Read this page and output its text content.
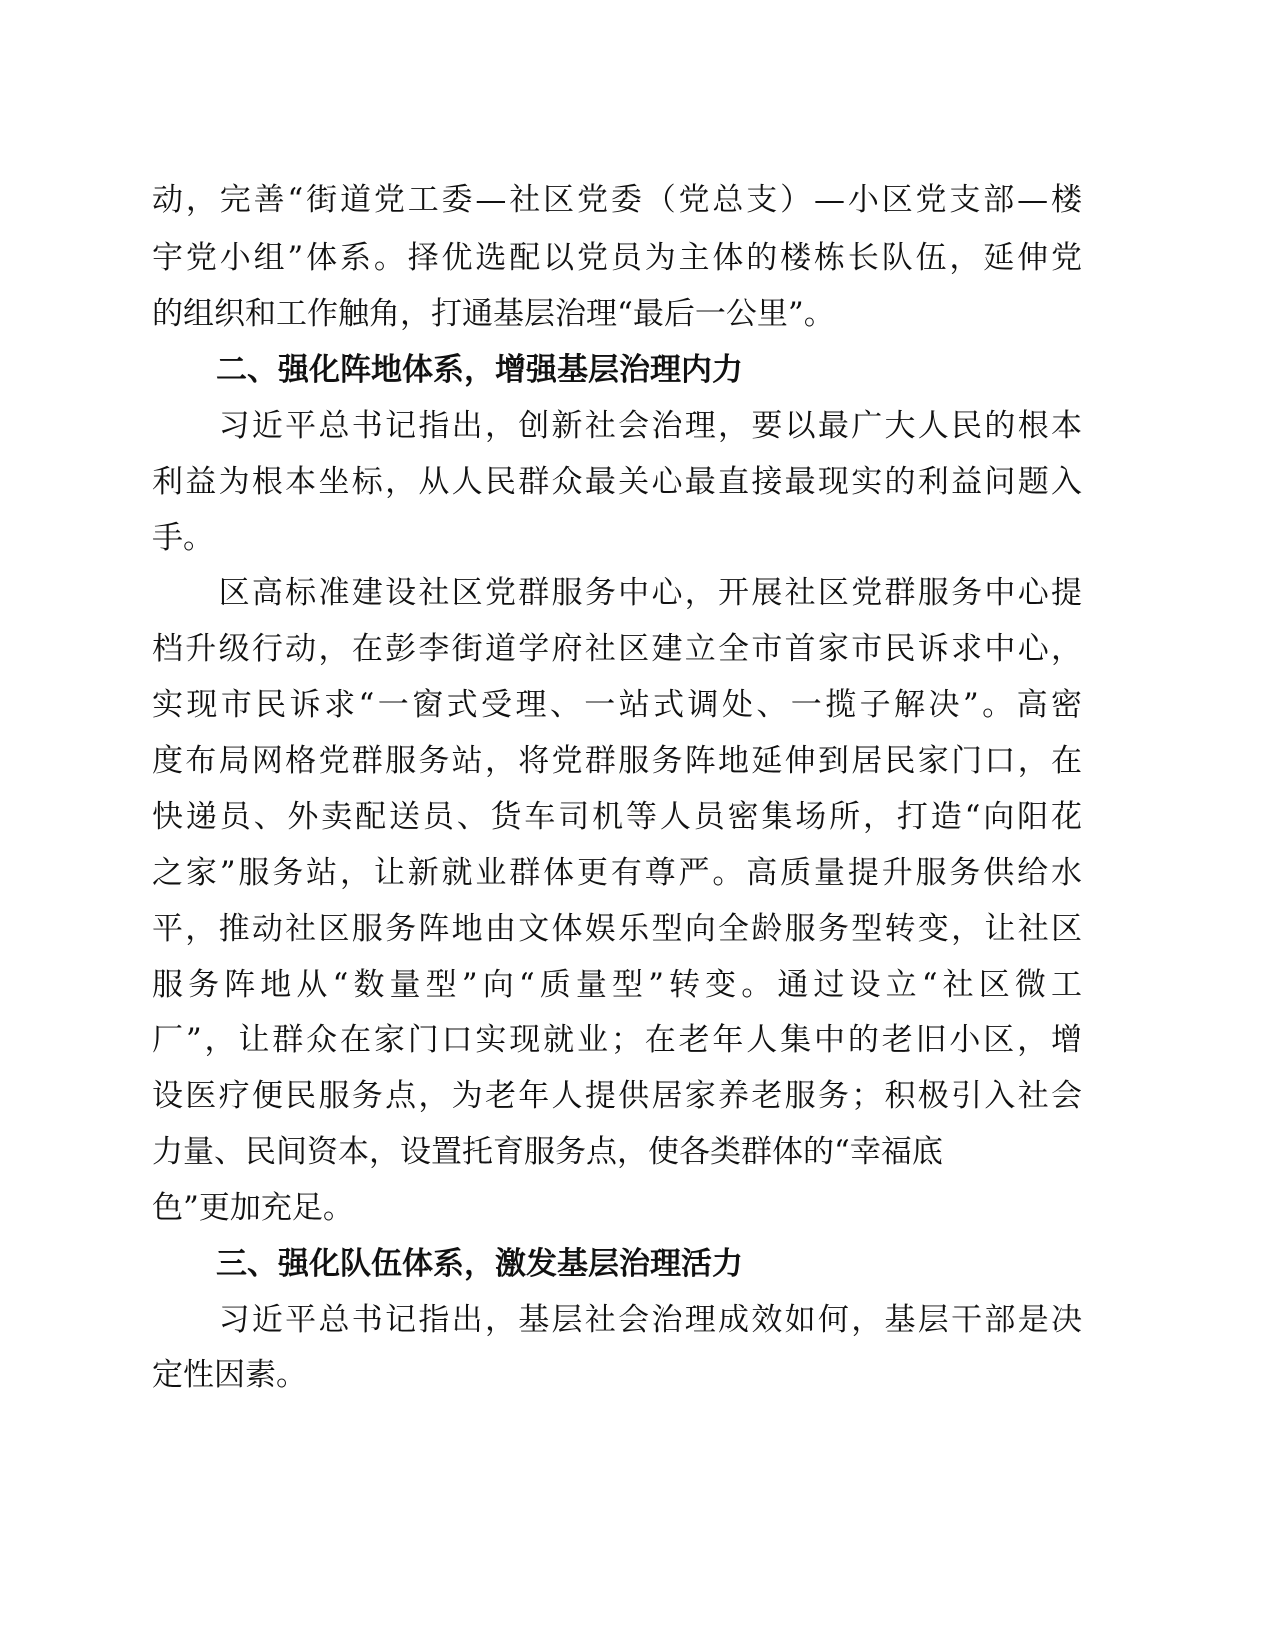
动，完善“街道党工委—社区党委（党总支）—小区党支部—楼

宇党小组”体系。择优选配以党员为主体的楼栋长队伍，延伸党

的组织和工作触角，打通基层治理“最后一公里”。

二、强化阵地体系，增强基层治理内力

　　习近平总书记指出，创新社会治理，要以最广大人民的根本

利益为根本坐标，从人民群众最关心最直接最现实的利益问题入

手。

　　区高标准建设社区党群服务中心，开展社区党群服务中心提

档升级行动，在彭李街道学府社区建立全市首家市民诉求中心，

实现市民诉求“一窗式受理、一站式调处、一揽子解决”。高密

度布局网格党群服务站，将党群服务阵地延伸到居民家门口，在

快递员、外卖配送员、货车司机等人员密集场所，打造“向阳花

之家”服务站，让新就业群体更有尊严。高质量提升服务供给水

平，推动社区服务阵地由文体娱乐型向全龄服务型转变，让社区

服务阵地从“数量型”向“质量型”转变。通过设立“社区微工

厂”，让群众在家门口实现就业；在老年人集中的老旧小区，增

设医疗便民服务点，为老年人提供居家养老服务；积极引入社会

力量、民间资本，设置托育服务点，使各类群体的“幸福底

色”更加充足。

三、强化队伍体系，激发基层治理活力

　　习近平总书记指出，基层社会治理成效如何，基层干部是决

定性因素。
